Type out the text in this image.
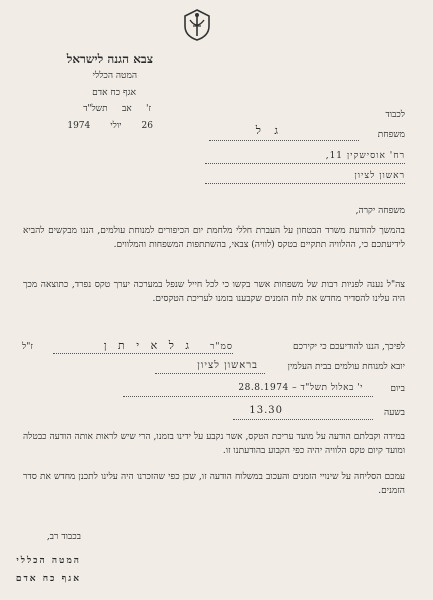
צבא הגנה לישראל
המטה הכללי
אגף כח אדם
ז'     אב     תשל"ד
26       יולי       1974
לכבוד
משפחת
ג ל
רח' אוסישקין 11,
ראשון לציון
משפחה יקרה,
בהמשך להודעת משרד הבטחון על העברת חללי מלחמת יום הכיפורים למנוחת עולמים, הננו מבקשים להביא לידיעתכם כי, ההלוויה תתקיים בטקס (לוויה) צבאי, בהשתתפות המשפחות והמלווים.
צה"ל נענה לפניות רבות של משפחות אשר בקשו כי לכל חייל שנפל במערכה יערך טקס נפרד, כתוצאה מכך היה עלינו להסדיר מחדש את לוח הזמנים שקבענו בזמנו לעריכת הטקסים.
לפיכך, הננו להודיעכם כי יקירכם
סמ"ר
ג ל א י ת ן
ז"ל
יובא למנוחת עולמים בבית העלמין
בראשון לציון
ביום
י' באלול תשל"ד – 28.8.1974
בשעה
13.30
במידה וקבלתם הודעה על מועד עריכת הטקס, אשר נקבע על ידינו בזמנו, הרי שיש לראות אותה הודעה כבטלה ומועד קיום טקס הלוויה יהיה כפי הקבוע בהודעתנו זו.
עמכם הסליחה על שינויי הזמנים והעכוב במשלוח הודעה זו, שכן כפי שהזכרנו היה עלינו לתכנן מחדש את סדר הזמנים.
בכבוד רב,
המטה הכללי
אגף כח אדם
